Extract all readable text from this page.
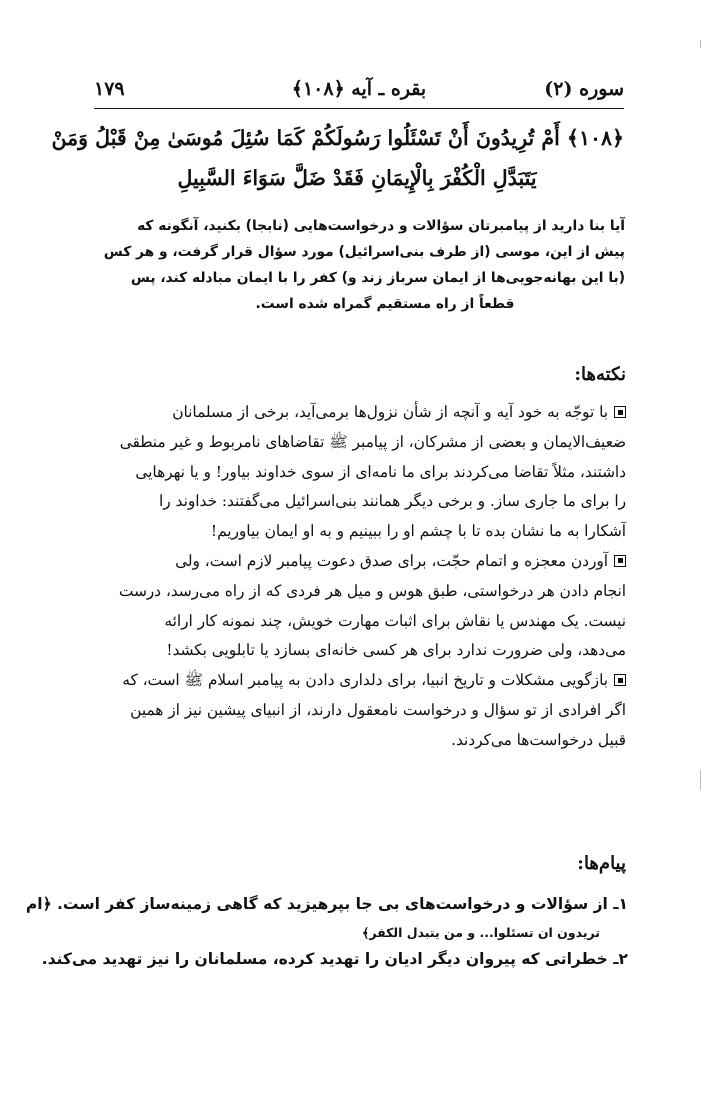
سوره (۲)
بقره ـ آیه ﴿۱۰۸﴾
۱۷۹
﴿۱۰۸﴾ أَمْ تُرِيدُونَ أَنْ تَسْئَلُوا رَسُولَكُمْ كَمَا سُئِلَ مُوسَىٰ مِنْ قَبْلُ وَمَنْ
يَتَبَدَّلِ الْكُفْرَ بِالْإِيمَانِ فَقَدْ ضَلَّ سَوَاءَ السَّبِيلِ
آیا بنا دارید از پیامبرتان سؤالات و درخواست‌هایی (نابجا) بکنید، آنگونه که
پیش از این، موسی (از طرف بنی‌اسرائیل) مورد سؤال قرار گرفت، و هر کس
(با این بهانه‌جویی‌ها از ایمان سرباز زند و) کفر را با ایمان مبادله کند، پس
قطعاً از راه مستقیم گمراه شده است.
نکته‌ها:
با توجّه به خود آیه و آنچه از شأن نزول‌ها برمی‌آید، برخی از مسلمانان
ضعیف‌الایمان و بعضی از مشرکان، از پیامبر ﷺ تقاضاهای نامربوط و غیر منطقی
داشتند، مثلاً تقاضا می‌کردند برای ما نامه‌ای از سوی خداوند بیاور! و یا نهرهایی
را برای ما جاری ساز. و برخی دیگر همانند بنی‌اسرائیل می‌گفتند: خداوند را
آشکارا به ما نشان بده تا با چشم او را ببینیم و به او ایمان بیاوریم!
آوردن معجزه و اتمام حجّت، برای صدق دعوت پیامبر لازم است، ولی
انجام دادن هر درخواستی، طبق هوس و میل هر فردی که از راه می‌رسد، درست
نیست. یک مهندس یا نقاش برای اثبات مهارت خویش، چند نمونه کار ارائه
می‌دهد، ولی ضرورت ندارد برای هر کسی خانه‌ای بسازد یا تابلویی بکشد!
بازگویی مشکلات و تاریخ انبیا، برای دلداری دادن به پیامبر اسلام ﷺ است، که
اگر افرادی از تو سؤال و درخواست نامعقول دارند، از انبیای پیشین نیز از همین
قبیل درخواست‌ها می‌کردند.
پیام‌ها:
۱ـ از سؤالات و درخواست‌های بی جا بپرهیزید که گاهی زمینه‌ساز کفر است. ﴿ام
تریدون ان تسئلوا... و من یتبدل الکفر﴾
۲ـ خطراتی که پیروان دیگر ادیان را تهدید کرده، مسلمانان را نیز تهدید می‌کند.
